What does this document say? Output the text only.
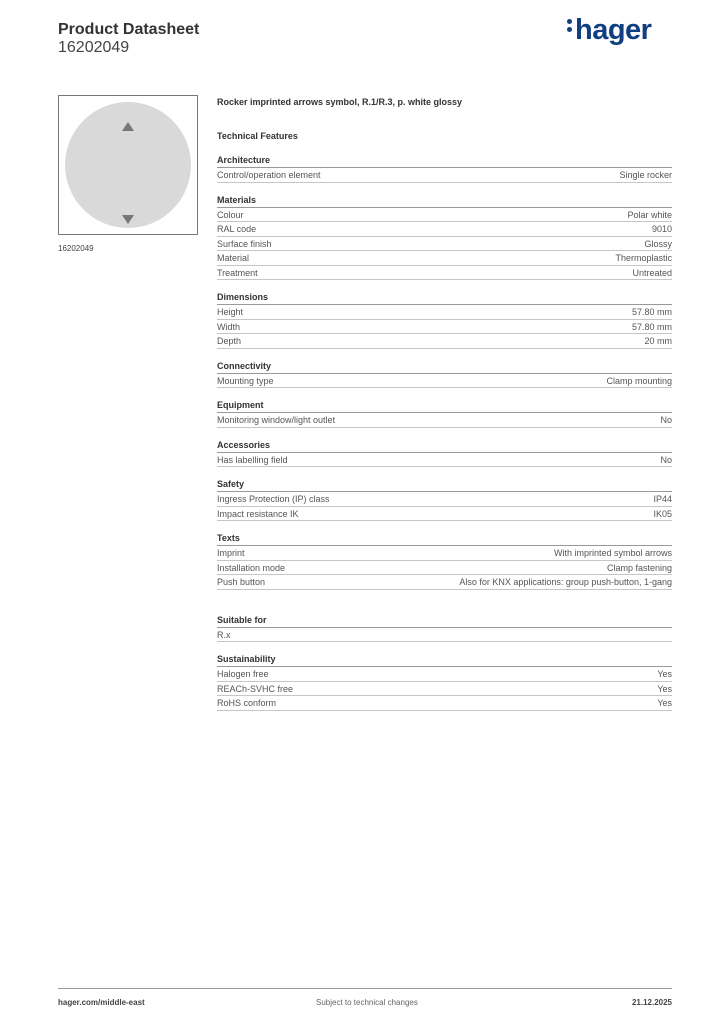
Product Datasheet
16202049
hager
16202049
Rocker imprinted arrows symbol, R.1/R.3, p. white glossy
Technical Features
Architecture
Control/operation element	Single rocker
Materials
Colour	Polar white
RAL code	9010
Surface finish	Glossy
Material	Thermoplastic
Treatment	Untreated
Dimensions
Height	57.80 mm
Width	57.80 mm
Depth	20 mm
Connectivity
Mounting type	Clamp mounting
Equipment
Monitoring window/light outlet	No
Accessories
Has labelling field	No
Safety
Ingress Protection (IP) class	IP44
Impact resistance IK	IK05
Texts
Imprint	With imprinted symbol arrows
Installation mode	Clamp fastening
Push button	Also for KNX applications: group push-button, 1-gang
Suitable for
R.x
Sustainability
Halogen free	Yes
REACh-SVHC free	Yes
RoHS conform	Yes
hager.com/middle-east	Subject to technical changes	21.12.2025
